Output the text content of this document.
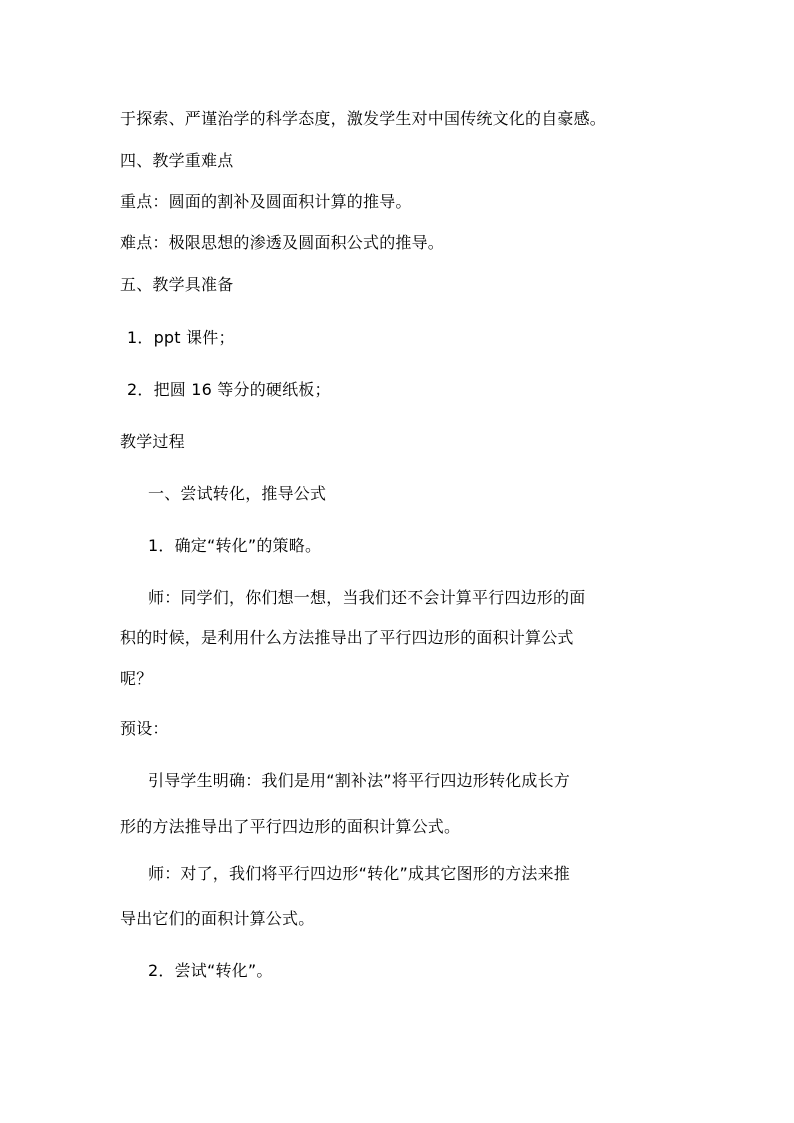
于探索、严谨治学的科学态度，激发学生对中国传统文化的自豪感。
四、教学重难点
重点：圆面的割补及圆面积计算的推导。
难点：极限思想的渗透及圆面积公式的推导。
五、教学具准备
1．ppt 课件；
2．把圆 16 等分的硬纸板；
教学过程
一、尝试转化，推导公式
1．确定“转化”的策略。
师：同学们，你们想一想，当我们还不会计算平行四边形的面
积的时候，是利用什么方法推导出了平行四边形的面积计算公式
呢？
预设：
引导学生明确：我们是用“割补法”将平行四边形转化成长方
形的方法推导出了平行四边形的面积计算公式。
师：对了，我们将平行四边形“转化”成其它图形的方法来推
导出它们的面积计算公式。
2．尝试“转化”。
